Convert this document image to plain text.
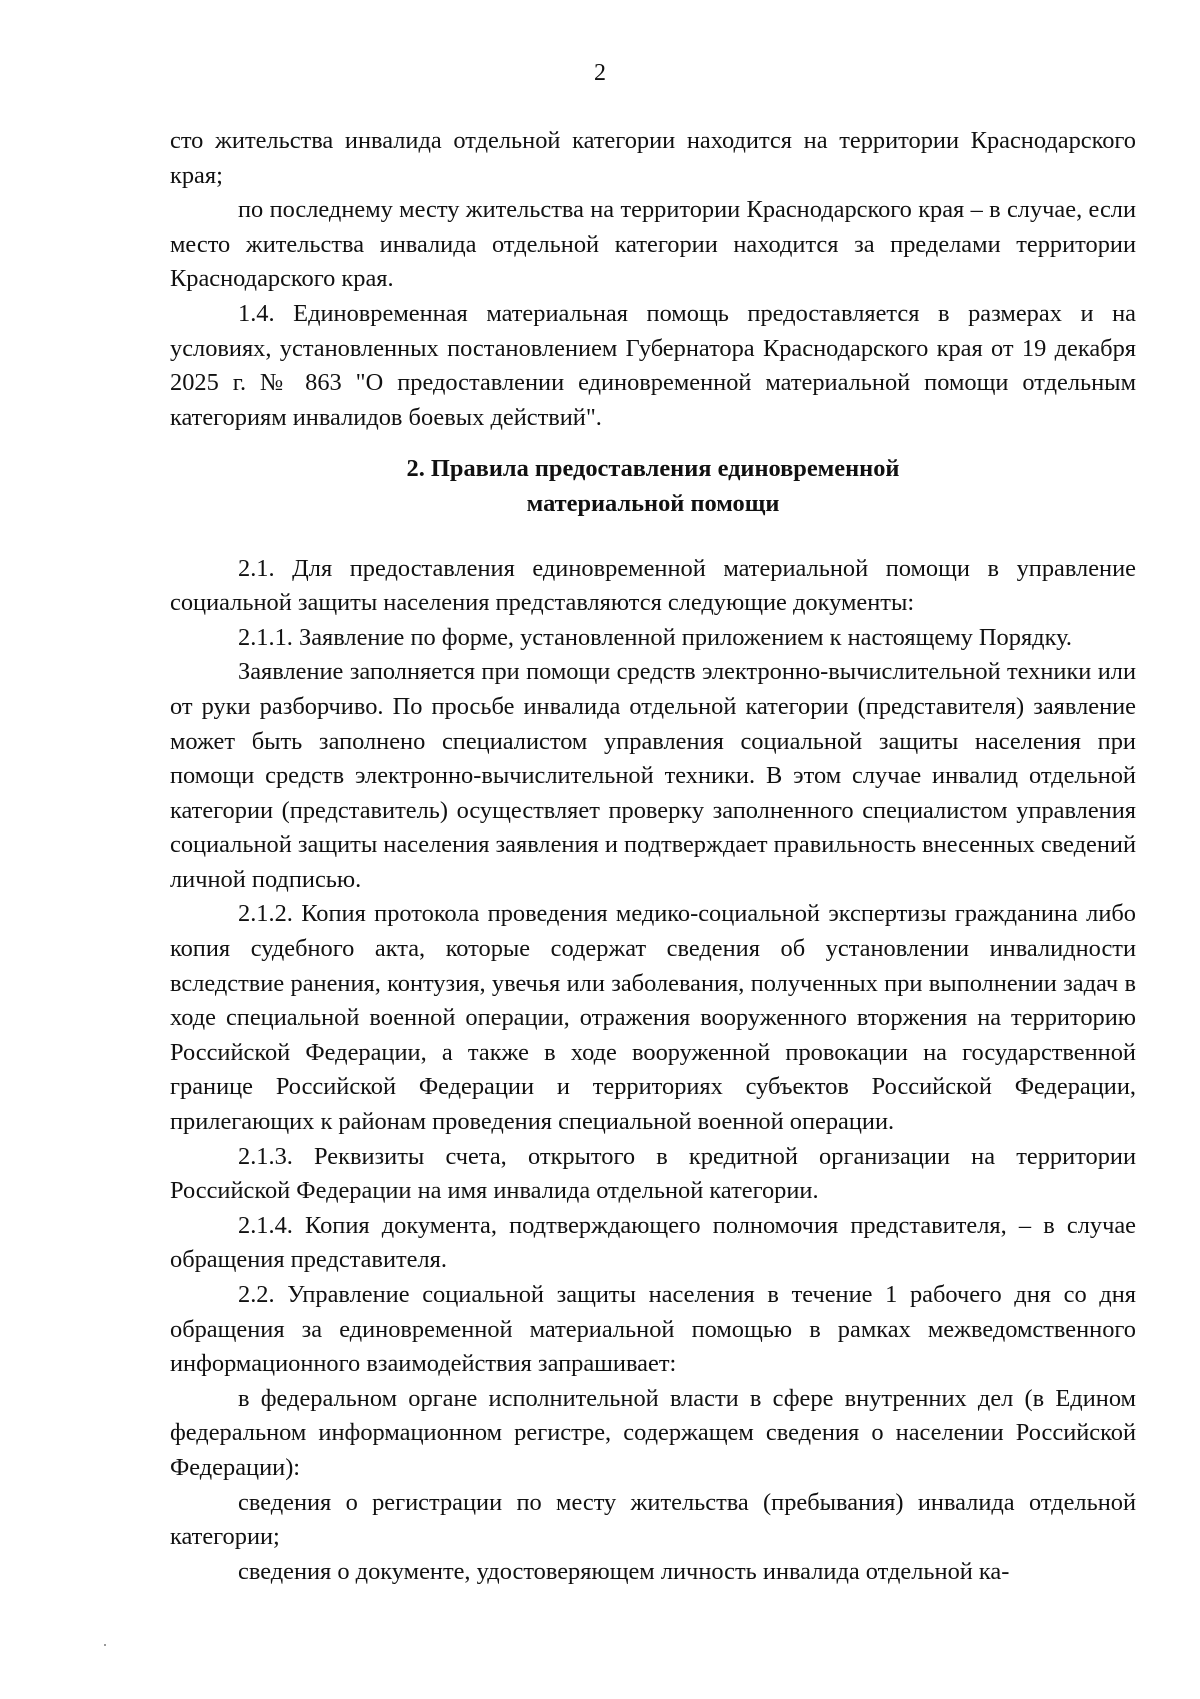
2

сто жительства инвалида отдельной категории находится на территории Краснодарского края;

по последнему месту жительства на территории Краснодарского края – в случае, если место жительства инвалида отдельной категории находится за пределами территории Краснодарского края.

1.4. Единовременная материальная помощь предоставляется в размерах и на условиях, установленных постановлением Губернатора Краснодарского края от 19 декабря 2025 г. № 863 "О предоставлении единовременной материальной помощи отдельным категориям инвалидов боевых действий".

2. Правила предоставления единовременной
материальной помощи

2.1. Для предоставления единовременной материальной помощи в управление социальной защиты населения представляются следующие документы:

2.1.1. Заявление по форме, установленной приложением к настоящему Порядку.

Заявление заполняется при помощи средств электронно-вычислительной техники или от руки разборчиво. По просьбе инвалида отдельной категории (представителя) заявление может быть заполнено специалистом управления социальной защиты населения при помощи средств электронно-вычислительной техники. В этом случае инвалид отдельной категории (представитель) осуществляет проверку заполненного специалистом управления социальной защиты населения заявления и подтверждает правильность внесенных сведений личной подписью.

2.1.2. Копия протокола проведения медико-социальной экспертизы гражданина либо копия судебного акта, которые содержат сведения об установлении инвалидности вследствие ранения, контузия, увечья или заболевания, полученных при выполнении задач в ходе специальной военной операции, отражения вооруженного вторжения на территорию Российской Федерации, а также в ходе вооруженной провокации на государственной границе Российской Федерации и территориях субъектов Российской Федерации, прилегающих к районам проведения специальной военной операции.

2.1.3. Реквизиты счета, открытого в кредитной организации на территории Российской Федерации на имя инвалида отдельной категории.

2.1.4. Копия документа, подтверждающего полномочия представителя, – в случае обращения представителя.

2.2. Управление социальной защиты населения в течение 1 рабочего дня со дня обращения за единовременной материальной помощью в рамках межведомственного информационного взаимодействия запрашивает:

в федеральном органе исполнительной власти в сфере внутренних дел (в Едином федеральном информационном регистре, содержащем сведения о населении Российской Федерации):

сведения о регистрации по месту жительства (пребывания) инвалида отдельной категории;

сведения о документе, удостоверяющем личность инвалида отдельной ка-
